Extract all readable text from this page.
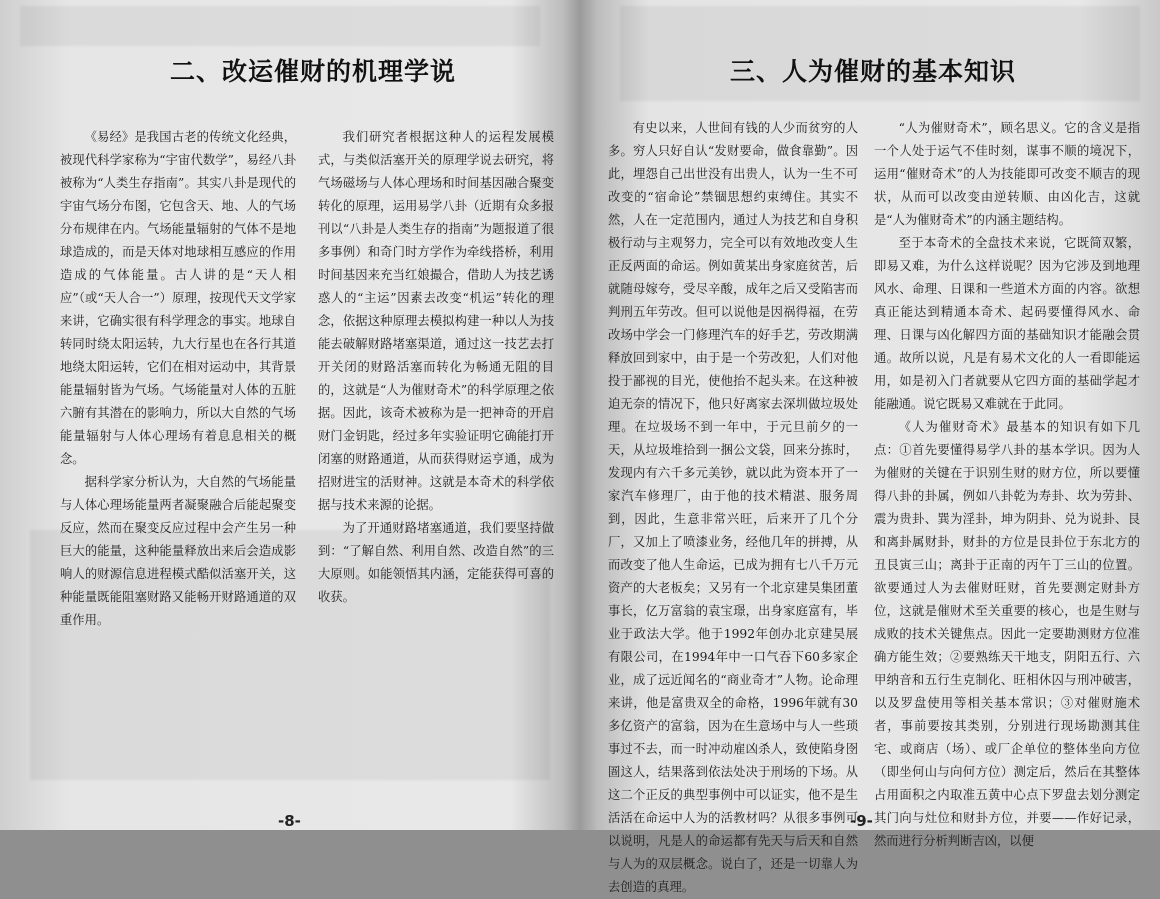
二、改运催财的机理学说

《易经》是我国古老的传统文化经典，被现代科学家称为“宇宙代数学”，易经八卦被称为“人类生存指南”。其实八卦是现代的宇宙气场分布图，它包含天、地、人的气场分布规律在内。气场能量辐射的气体不是地球造成的，而是天体对地球相互感应的作用造成的气体能量。古人讲的是“天人相应”（或“天人合一”）原理，按现代天文学家来讲，它确实很有科学理念的事实。地球自转同时绕太阳运转，九大行星也在各行其道地绕太阳运转，它们在相对运动中，其背景能量辐射皆为气场。气场能量对人体的五脏六腑有其潜在的影响力，所以大自然的气场能量辐射与人体心理场有着息息相关的概念。

据科学家分析认为，大自然的气场能量与人体心理场能量两者凝聚融合后能起聚变反应，然而在聚变反应过程中会产生另一种巨大的能量，这种能量释放出来后会造成影响人的财源信息进程模式酷似活塞开关，这种能量既能阻塞财路又能畅开财路通道的双重作用。

我们研究者根据这种人的运程发展模式，与类似活塞开关的原理学说去研究，将气场磁场与人体心理场和时间基因融合聚变转化的原理，运用易学八卦（近期有众多报刊以“八卦是人类生存的指南”为题报道了很多事例）和奇门时方学作为牵线搭桥，利用时间基因来充当红娘撮合，借助人为技艺诱惑人的“主运”因素去改变“机运”转化的理念，依据这种原理去模拟构建一种以人为技能去破解财路堵塞渠道，通过这一技艺去打开关闭的财路活塞而转化为畅通无阻的目的，这就是“人为催财奇术”的科学原理之依据。因此，该奇术被称为是一把神奇的开启财门金钥匙，经过多年实验证明它确能打开闭塞的财路通道，从而获得财运亨通，成为招财进宝的活财神。这就是本奇术的科学依据与技术来源的论据。

为了开通财路堵塞通道，我们要坚持做到：“了解自然、利用自然、改造自然”的三大原则。如能领悟其内涵，定能获得可喜的收获。

-8-
三、人为催财的基本知识

有史以来，人世间有钱的人少而贫穷的人多。穷人只好自认“发财要命，做食靠勤”。因此，埋怨自己出世没有出贵人，认为一生不可改变的“宿命论”禁锢思想约束缚住。其实不然，人在一定范围内，通过人为技艺和自身积极行动与主观努力，完全可以有效地改变人生正反两面的命运。例如黄某出身家庭贫苦，后就随母嫁夸，受尽辛酸，成年之后又受陷害而判刑五年劳改。但可以说他是因祸得福，在劳改场中学会一门修理汽车的好手艺，劳改期满释放回到家中，由于是一个劳改犯，人们对他投于鄙视的目光，使他抬不起头来。在这种被迫无奈的情况下，他只好离家去深圳做垃圾处理。在垃圾场不到一年中，于元旦前夕的一天，从垃圾堆拾到一捆公文袋，回来分拣时，发现内有六千多元美钞，就以此为资本开了一家汽车修理厂，由于他的技术精湛、服务周到，因此，生意非常兴旺，后来开了几个分厂，又加上了喷漆业务，经他几年的拼搏，从而改变了他人生命运，已成为拥有七八千万元资产的大老板矣；又另有一个北京建昊集团董事长，亿万富翁的袁宝璟，出身家庭富有，毕业于政法大学。他于1992年创办北京建昊展有限公司，在1994年中一口气吞下60多家企业，成了远近闻名的“商业奇才”人物。论命理来讲，他是富贵双全的命格，1996年就有30多亿资产的富翁，因为在生意场中与人一些琐事过不去，而一时冲动雇凶杀人，致使陷身囹圄这人，结果落到依法处决于刑场的下场。从这二个正反的典型事例中可以证实，他不是生活活在命运中人为的活教材吗？从很多事例可以说明，凡是人的命运都有先天与后天和自然与人为的双层概念。说白了，还是一切靠人为去创造的真理。

“人为催财奇术”，顾名思义。它的含义是指一个人处于运气不佳时刻，谋事不顺的境况下，运用“催财奇术”的人为技能即可改变不顺吉的现状，从而可以改变由逆转顺、由凶化吉，这就是“人为催财奇术”的内涵主题结构。

至于本奇术的全盘技术来说，它既简双繁，即易又难，为什么这样说呢？因为它涉及到地理风水、命理、日课和一些道术方面的内容。欲想真正能达到精通本奇术、起码要懂得风水、命理、日课与凶化解四方面的基础知识才能融会贯通。故所以说，凡是有易术文化的人一看即能运用，如是初入门者就要从它四方面的基础学起才能融通。说它既易又难就在于此同。

《人为催财奇术》最基本的知识有如下几点：①首先要懂得易学八卦的基本学识。因为人为催财的关键在于识别生财的财方位，所以要懂得八卦的卦属，例如八卦乾为寿卦、坎为劳卦、震为贵卦、巽为淫卦，坤为阴卦、兑为说卦、艮和离卦属财卦，财卦的方位是艮卦位于东北方的丑艮寅三山；离卦于正南的丙午丁三山的位置。欲要通过人为去催财旺财，首先要测定财卦方位，这就是催财术至关重要的核心，也是生财与成败的技术关键焦点。因此一定要勘测财方位准确方能生效；②要熟练天干地支，阴阳五行、六甲纳音和五行生克制化、旺相休囚与刑冲破害，以及罗盘使用等相关基本常识；③对催财施术者，事前要按其类别，分别进行现场勘测其住宅、或商店（场）、或厂企单位的整体坐向方位（即坐何山与向何方位）测定后，然后在其整体占用面积之内取准五黄中心点下罗盘去划分测定其门向与灶位和财卦方位，并要——作好记录，然而进行分析判断吉凶，以便

-9-
